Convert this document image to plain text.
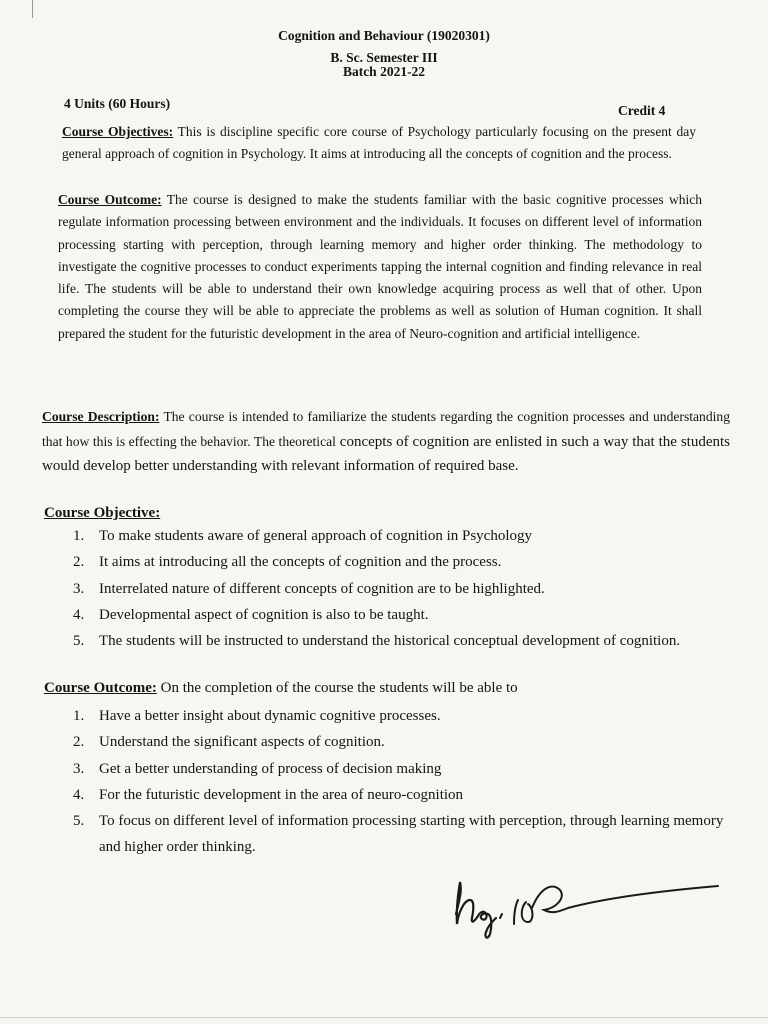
Cognition and Behaviour (19020301)
B. Sc. Semester III
Batch 2021-22
4 Units (60 Hours)	Credit 4

Course Objectives: This is discipline specific core course of Psychology particularly focusing on the present day general approach of cognition in Psychology. It aims at introducing all the concepts of cognition and the process.

Course Outcome: The course is designed to make the students familiar with the basic cognitive processes which regulate information processing between environment and the individuals. It focuses on different level of information processing starting with perception, through learning memory and higher order thinking. The methodology to investigate the cognitive processes to conduct experiments tapping the internal cognition and finding relevance in real life. The students will be able to understand their own knowledge acquiring process as well that of other. Upon completing the course they will be able to appreciate the problems as well as solution of Human cognition. It shall prepared the student for the futuristic development in the area of Neuro-cognition and artificial intelligence.

Course Description: The course is intended to familiarize the students regarding the cognition processes and understanding that how this is effecting the behavior. The theoretical concepts of cognition are enlisted in such a way that the students would develop better understanding with relevant information of required base.

Course Objective:
1. To make students aware of general approach of cognition in Psychology
2. It aims at introducing all the concepts of cognition and the process.
3. Interrelated nature of different concepts of cognition are to be highlighted.
4. Developmental aspect of cognition is also to be taught.
5. The students will be instructed to understand the historical conceptual development of cognition.
Course Outcome: On the completion of the course the students will be able to
1. Have a better insight about dynamic cognitive processes.
2. Understand the significant aspects of cognition.
3. Get a better understanding of process of decision making
4. For the futuristic development in the area of neuro-cognition
5. To focus on different level of information processing starting with perception, through learning memory and higher order thinking.
